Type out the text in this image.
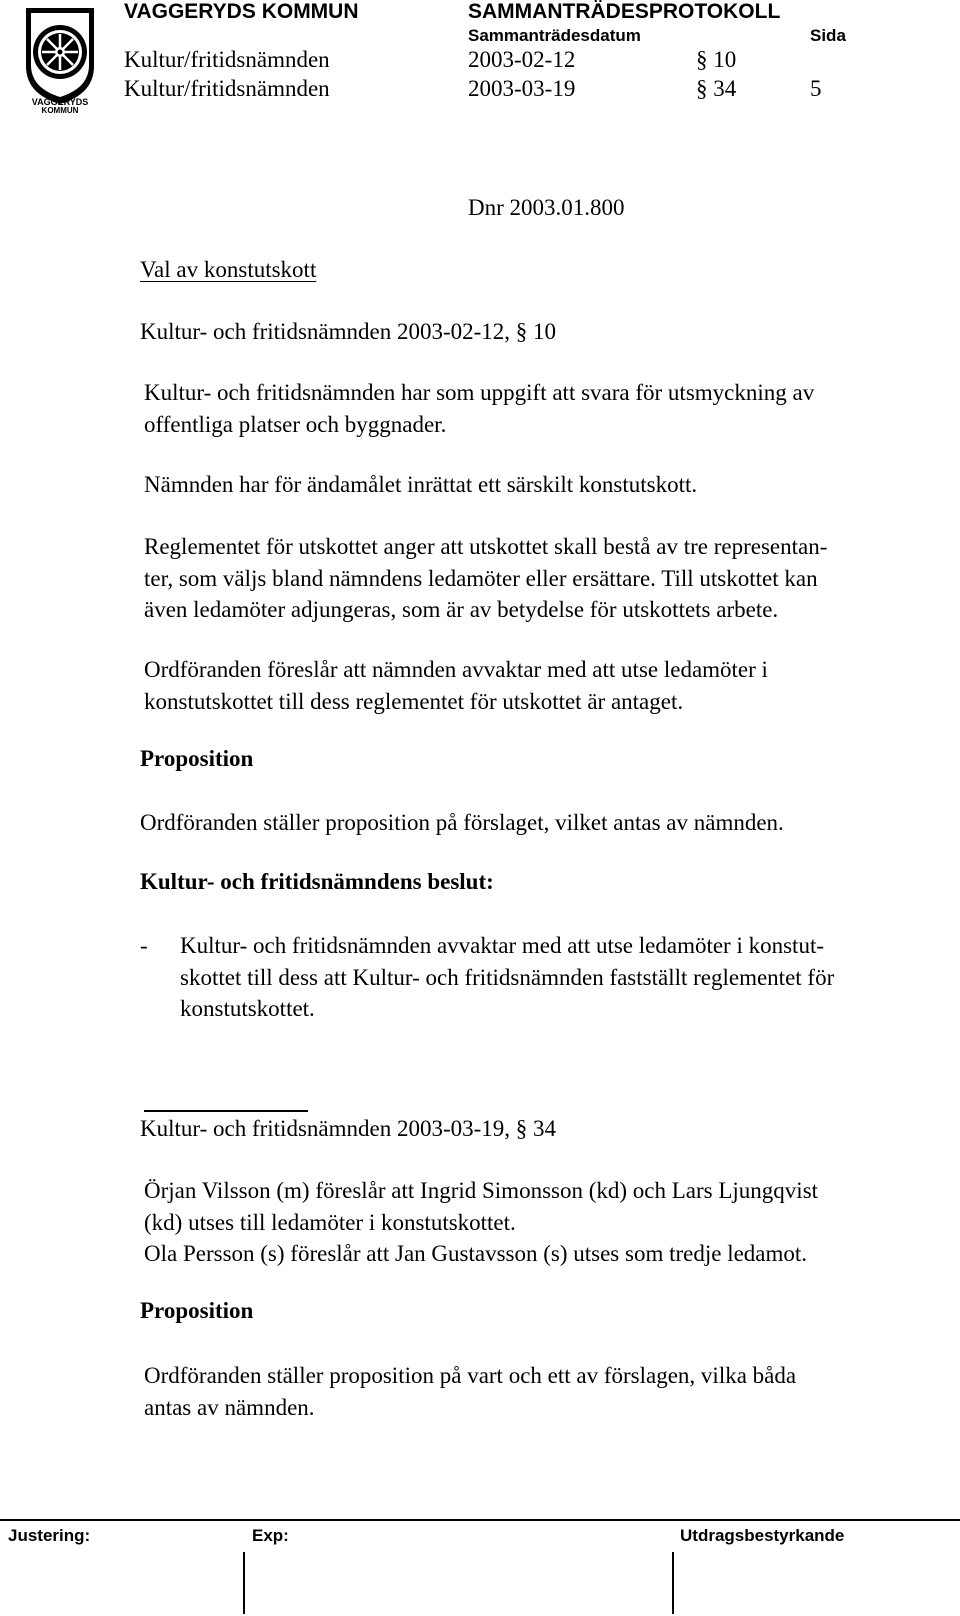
VAGGERYDS
KOMMUN
VAGGERYDS KOMMUN	SAMMANTRÄDESPROTOKOLL
Sammanträdesdatum	Sida
Kultur/fritidsnämnden	2003-02-12	§ 10
Kultur/fritidsnämnden	2003-03-19	§ 34	5
Dnr 2003.01.800
Val av konstutskott
Kultur- och fritidsnämnden 2003-02-12, § 10
Kultur- och fritidsnämnden har som uppgift att svara för utsmyckning av
offentliga platser och byggnader.
Nämnden har för ändamålet inrättat ett särskilt konstutskott.
Reglementet för utskottet anger att utskottet skall bestå av tre representan-
ter, som väljs bland nämndens ledamöter eller ersättare. Till utskottet kan
även ledamöter adjungeras, som är av betydelse för utskottets arbete.
Ordföranden föreslår att nämnden avvaktar med att utse ledamöter i
konstutskottet till dess reglementet för utskottet är antaget.
Proposition
Ordföranden ställer proposition på förslaget, vilket antas av nämnden.
Kultur- och fritidsnämndens beslut:
- Kultur- och fritidsnämnden avvaktar med att utse ledamöter i konstut-
skottet till dess att Kultur- och fritidsnämnden fastställt reglementet för
konstutskottet.
Kultur- och fritidsnämnden 2003-03-19, § 34
Örjan Vilsson (m) föreslår att Ingrid Simonsson (kd) och Lars Ljungqvist
(kd) utses till ledamöter i konstutskottet.
Ola Persson (s) föreslår att Jan Gustavsson (s) utses som tredje ledamot.
Proposition
Ordföranden ställer proposition på vart och ett av förslagen, vilka båda
antas av nämnden.
Justering:	Exp:	Utdragsbestyrkande
